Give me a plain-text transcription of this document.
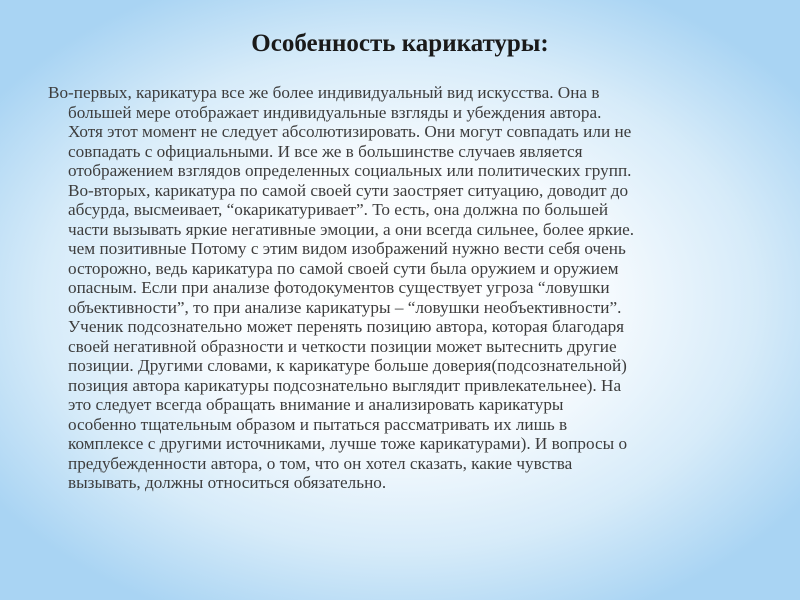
Особенность карикатуры:
Во-первых, карикатура все же более индивидуальный вид искусства. Она в
большей мере отображает индивидуальные взгляды и убеждения автора.
Хотя этот момент не следует абсолютизировать. Они могут совпадать или не
совпадать с официальными. И все же в большинстве случаев является
отображением взглядов определенных социальных или политических групп.
Во-вторых, карикатура по самой своей сути заостряет ситуацию, доводит до
абсурда, высмеивает, “окарикатуривает”. То есть, она должна по большей
части вызывать яркие негативные эмоции, а они всегда сильнее, более яркие.
чем позитивные Потому с этим видом изображений нужно вести себя очень
осторожно, ведь карикатура по самой своей сути была оружием и оружием
опасным. Если при анализе фотодокументов существует угроза “ловушки
объективности”, то при анализе карикатуры – “ловушки необъективности”.
Ученик подсознательно может перенять позицию автора, которая благодаря
своей негативной образности и четкости позиции может вытеснить другие
позиции. Другими словами, к карикатуре больше доверия(подсознательной)
позиция автора карикатуры подсознательно выглядит привлекательнее). На
это следует всегда обращать внимание и анализировать карикатуры
особенно тщательным образом и пытаться рассматривать их лишь в
комплексе с другими источниками, лучше тоже карикатурами). И вопросы о
предубежденности автора, о том, что он хотел сказать, какие чувства
вызывать, должны относиться обязательно.
